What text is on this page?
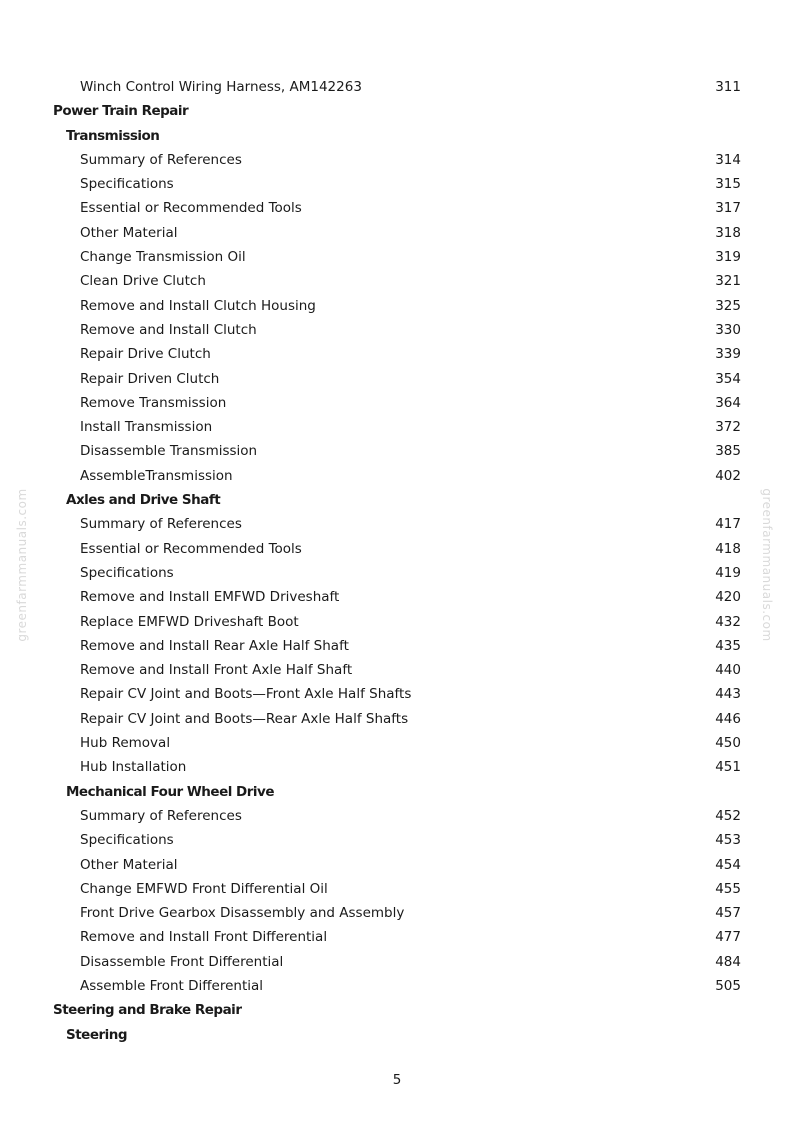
Winch Control Wiring Harness, AM142263	311
Power Train Repair
Transmission
Summary of References	314
Specifications	315
Essential or Recommended Tools	317
Other Material	318
Change Transmission Oil	319
Clean Drive Clutch	321
Remove and Install Clutch Housing	325
Remove and Install Clutch	330
Repair Drive Clutch	339
Repair Driven Clutch	354
Remove Transmission	364
Install Transmission	372
Disassemble Transmission	385
AssembleTransmission	402
Axles and Drive Shaft
Summary of References	417
Essential or Recommended Tools	418
Specifications	419
Remove and Install EMFWD Driveshaft	420
Replace EMFWD Driveshaft Boot	432
Remove and Install Rear Axle Half Shaft	435
Remove and Install Front Axle Half Shaft	440
Repair CV Joint and Boots—Front Axle Half Shafts	443
Repair CV Joint and Boots—Rear Axle Half Shafts	446
Hub Removal	450
Hub Installation	451
Mechanical Four Wheel Drive
Summary of References	452
Specifications	453
Other Material	454
Change EMFWD Front Differential Oil	455
Front Drive Gearbox Disassembly and Assembly	457
Remove and Install Front Differential	477
Disassemble Front Differential	484
Assemble Front Differential	505
Steering and Brake Repair
Steering
5
greenfarmmanuals.com	greenfarmmanuals.com
